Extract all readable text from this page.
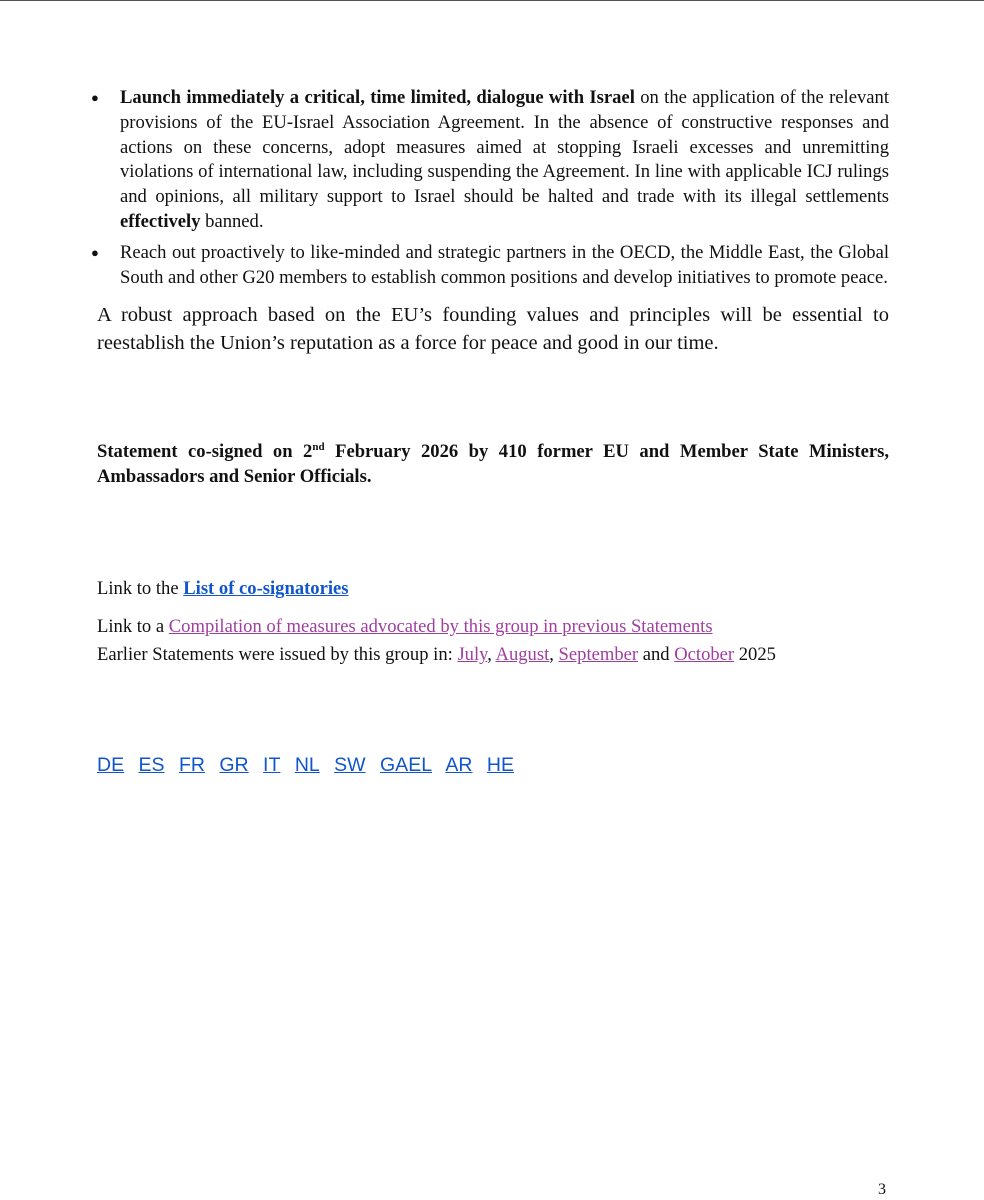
● Launch immediately a critical, time limited, dialogue with Israel on the application of the relevant provisions of the EU-Israel Association Agreement. In the absence of constructive responses and actions on these concerns, adopt measures aimed at stopping Israeli excesses and unremitting violations of international law, including suspending the Agreement. In line with applicable ICJ rulings and opinions, all military support to Israel should be halted and trade with its illegal settlements effectively banned.
● Reach out proactively to like-minded and strategic partners in the OECD, the Middle East, the Global South and other G20 members to establish common positions and develop initiatives to promote peace.

A robust approach based on the EU’s founding values and principles will be essential to reestablish the Union’s reputation as a force for peace and good in our time.

Statement co-signed on 2nd February 2026 by 410 former EU and Member State Ministers, Ambassadors and Senior Officials.

Link to the List of co-signatories

Link to a Compilation of measures advocated by this group in previous Statements

Earlier Statements were issued by this group in: July, August, September and October 2025

DE ES FR GR IT NL SW GAEL AR HE
3
